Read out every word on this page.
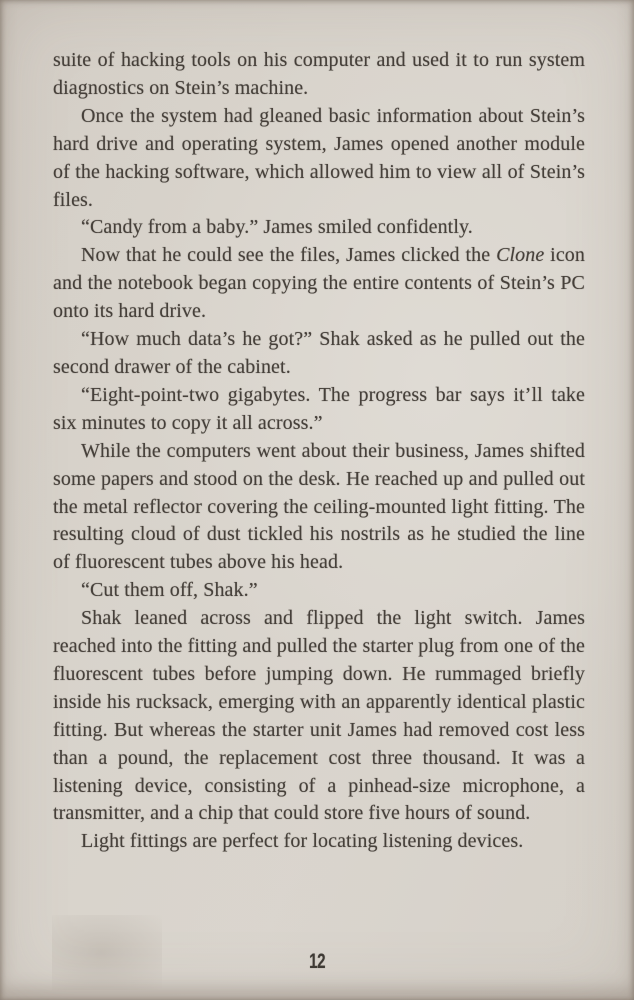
suite of hacking tools on his computer and used it to run system diagnostics on Stein’s machine.

Once the system had gleaned basic information about Stein’s hard drive and operating system, James opened another module of the hacking software, which allowed him to view all of Stein’s files.

“Candy from a baby.” James smiled confidently.

Now that he could see the files, James clicked the Clone icon and the notebook began copying the entire contents of Stein’s PC onto its hard drive.

“How much data’s he got?” Shak asked as he pulled out the second drawer of the cabinet.

“Eight-point-two gigabytes. The progress bar says it’ll take six minutes to copy it all across.”

While the computers went about their business, James shifted some papers and stood on the desk. He reached up and pulled out the metal reflector covering the ceiling-mounted light fitting. The resulting cloud of dust tickled his nostrils as he studied the line of fluorescent tubes above his head.

“Cut them off, Shak.”

Shak leaned across and flipped the light switch. James reached into the fitting and pulled the starter plug from one of the fluorescent tubes before jumping down. He rummaged briefly inside his rucksack, emerging with an apparently identical plastic fitting. But whereas the starter unit James had removed cost less than a pound, the replacement cost three thousand. It was a listening device, consisting of a pinhead-size microphone, a transmitter, and a chip that could store five hours of sound.

Light fittings are perfect for locating listening devices.

12
